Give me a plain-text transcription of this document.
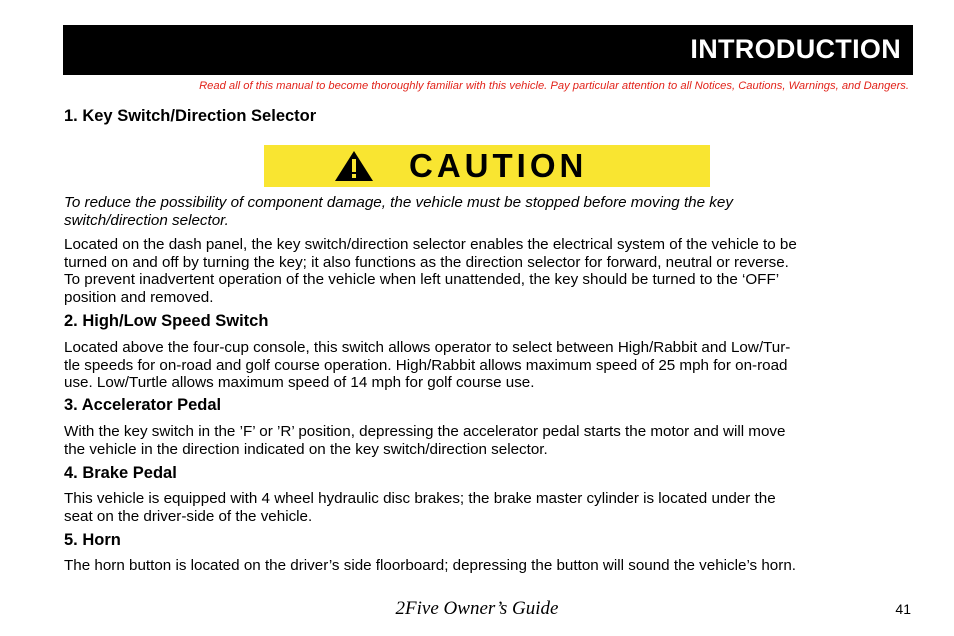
INTRODUCTION
Read all of this manual to become thoroughly familiar with this vehicle. Pay particular attention to all Notices, Cautions, Warnings, and Dangers.
1. Key Switch/Direction Selector
CAUTION
To reduce the possibility of component damage, the vehicle must be stopped before moving the key
switch/direction selector.
Located on the dash panel, the key switch/direction selector enables the electrical system of the vehicle to be
turned on and off by turning the key; it also functions as the direction selector for forward, neutral or reverse.
To prevent inadvertent operation of the vehicle when left unattended, the key should be turned to the ‘OFF’
position and removed.
2. High/Low Speed Switch
Located above the four-cup console, this switch allows operator to select between High/Rabbit and Low/Tur-
tle speeds for on-road and golf course operation. High/Rabbit allows maximum speed of 25 mph for on-road
use. Low/Turtle allows maximum speed of 14 mph for golf course use.
3. Accelerator Pedal
With the key switch in the ’F’ or ’R’ position, depressing the accelerator pedal starts the motor and will move
the vehicle in the direction indicated on the key switch/direction selector.
4. Brake Pedal
This vehicle is equipped with 4 wheel hydraulic disc brakes; the brake master cylinder is located under the
seat on the driver-side of the vehicle.
5. Horn
The horn button is located on the driver’s side floorboard; depressing the button will sound the vehicle’s horn.
2Five Owner’s Guide	41
